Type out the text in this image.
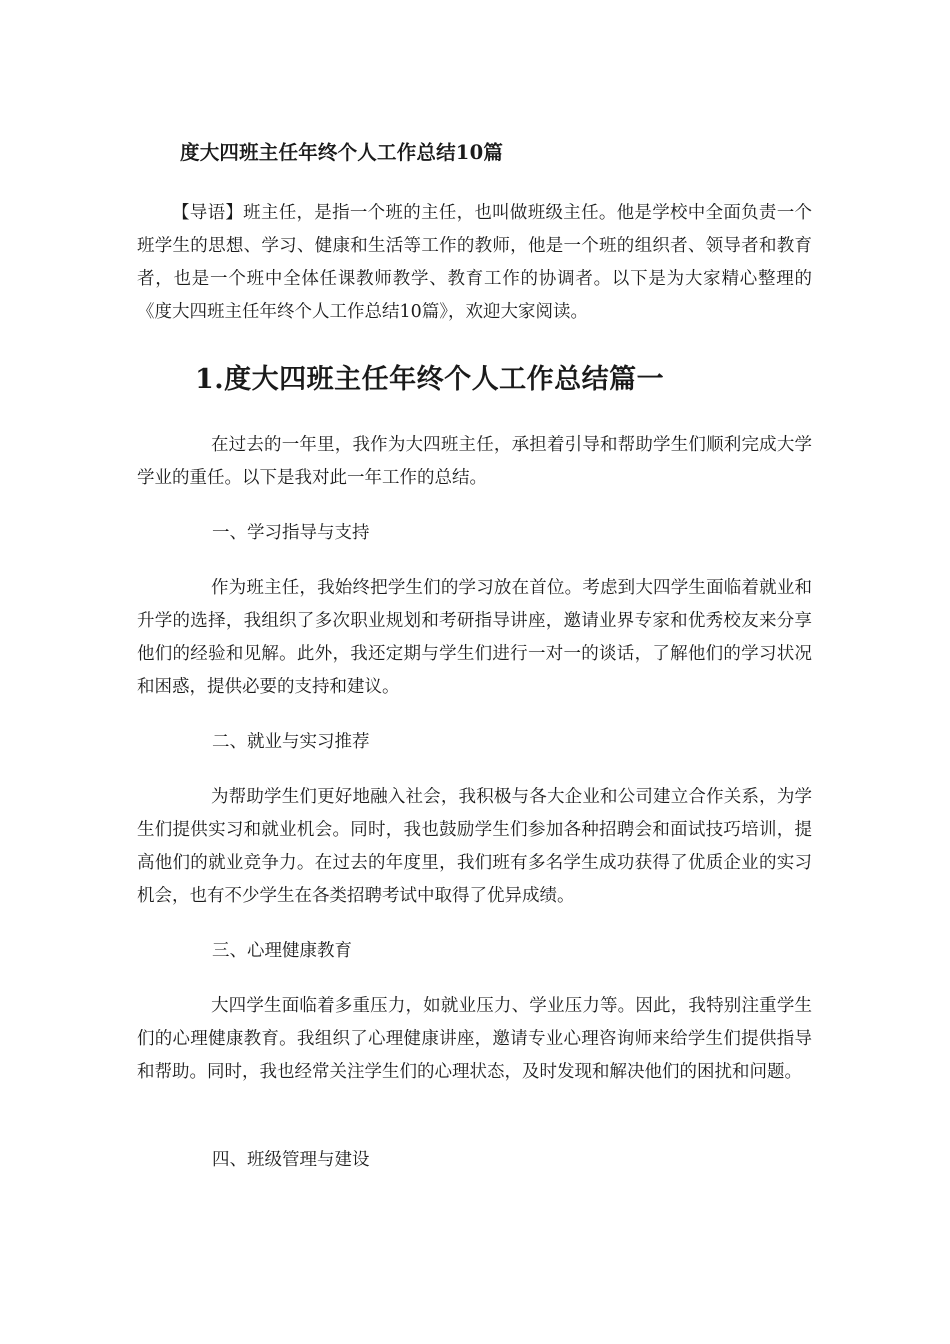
度大四班主任年终个人工作总结10篇

【导语】班主任，是指一个班的主任，也叫做班级主任。他是学校中全面负责一个班学生的思想、学习、健康和生活等工作的教师，他是一个班的组织者、领导者和教育者，也是一个班中全体任课教师教学、教育工作的协调者。以下是为大家精心整理的《度大四班主任年终个人工作总结10篇》，欢迎大家阅读。

1.度大四班主任年终个人工作总结篇一

在过去的一年里，我作为大四班主任，承担着引导和帮助学生们顺利完成大学学业的重任。以下是我对此一年工作的总结。

一、学习指导与支持

作为班主任，我始终把学生们的学习放在首位。考虑到大四学生面临着就业和升学的选择，我组织了多次职业规划和考研指导讲座，邀请业界专家和优秀校友来分享他们的经验和见解。此外，我还定期与学生们进行一对一的谈话，了解他们的学习状况和困惑，提供必要的支持和建议。

二、就业与实习推荐

为帮助学生们更好地融入社会，我积极与各大企业和公司建立合作关系，为学生们提供实习和就业机会。同时，我也鼓励学生们参加各种招聘会和面试技巧培训，提高他们的就业竞争力。在过去的年度里，我们班有多名学生成功获得了优质企业的实习机会，也有不少学生在各类招聘考试中取得了优异成绩。

三、心理健康教育

大四学生面临着多重压力，如就业压力、学业压力等。因此，我特别注重学生们的心理健康教育。我组织了心理健康讲座，邀请专业心理咨询师来给学生们提供指导和帮助。同时，我也经常关注学生们的心理状态，及时发现和解决他们的困扰和问题。

四、班级管理与建设
